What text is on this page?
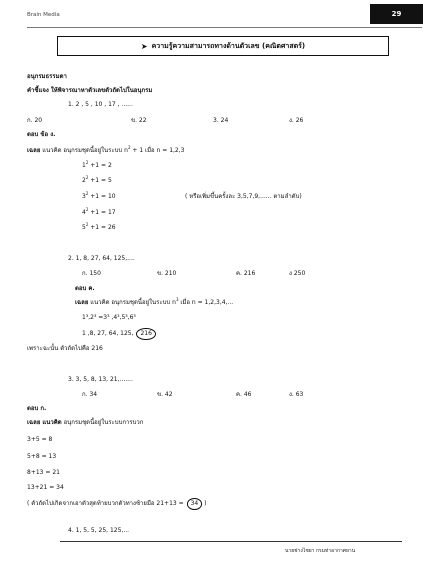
Brain Media	29
➤ ความรู้ความสามารถทางด้านตัวเลข (คณิตศาสตร์)
อนุกรมธรรมดา
คำชี้แจง ให้พิจารณาหาตัวเลขตัวถัดไปในอนุกรม
1. 2 , 5 , 10 , 17 , ......
ก. 20	ข. 22	3. 24	ง. 26
ตอบ ข้อ ง.
เฉลย แนวคิด อนุกรมชุดนี้อยู่ในระบบ $n^2 + 1$ เมื่อ n = 1,2,3
$1^2 +1 = 2$
$2^2 +1 = 5$
$3^2 +1 = 10$	( หรือเพิ่มขึ้นครั้งละ 3,5,7,9,...... ตามลำดับ)
$4^2 +1 = 17$
$5^2 +1 = 26$
2. 1, 8, 27, 64, 125,....
ก. 150	ข. 210	ค. 216	ง 250
ตอบ ค.
เฉลย แนวคิด อนุกรมชุดนี้อยู่ในระบบ $n^3$ เมื่อ n = 1,2,3,4,...
1³,2³ =3³ ,4³,5³,6³
1 ,8, 27, 64, 125, 216
เพราะฉะนั้น ตัวถัดไปคือ 216
3. 3, 5, 8, 13, 21,.......
ก. 34	ข. 42	ค. 46	ง. 63
ตอบ ก.
เฉลย แนวคิด อนุกรมชุดนี้อยู่ในระบบการบวก
3+5 = 8
5+8 = 13
8+13 = 21
13+21 = 34
( ตัวถัดไปเกิดจากเอาตัวสุดท้ายบวกตัวทางซ้ายมือ 21+13 = 34 )
4. 1, 5, 5, 25, 125,...
นายช่างไชยา กรมท่าอากาศยาน
